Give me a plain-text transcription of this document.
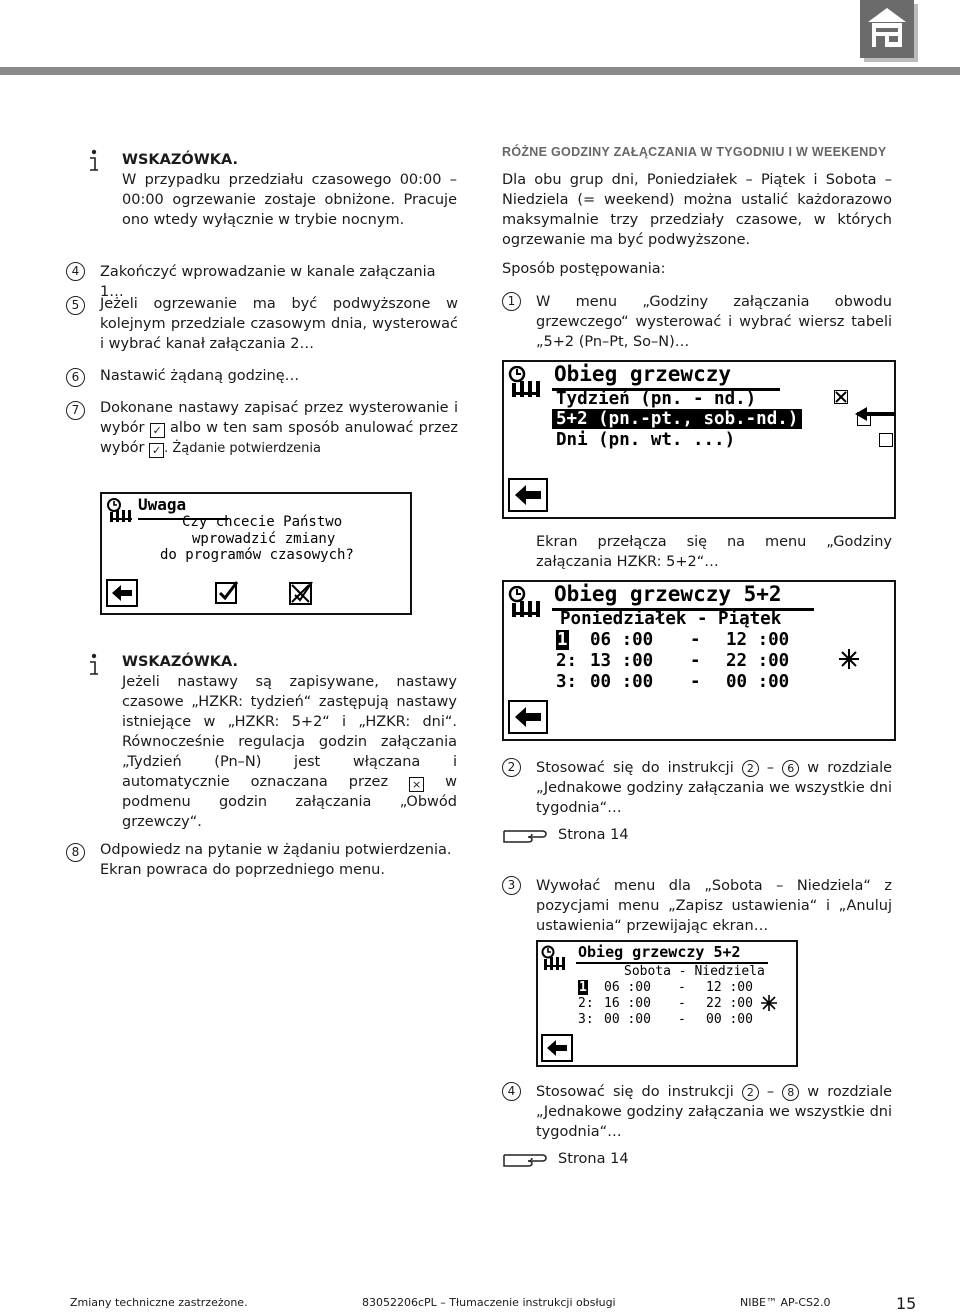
WSKAZÓWKA.

W przypadku przedziału czasowego 00:00 – 00:00 ogrzewanie zostaje obniżone. Pracuje ono wtedy wyłącznie w trybie nocnym.

4	Zakończyć wprowadzanie w kanale załączania 1…
5	Jeżeli ogrzewanie ma być podwyższone w kolejnym przedziale czasowym dnia, wysterować i wybrać kanał załączania 2…
6	Nastawić żądaną godzinę…
7	Dokonane nastawy zapisać przez wysterowanie i wybór ✓ albo w ten sam sposób anulować przez wybór ✓ . Żądanie potwierdzenia
Uwaga
Czy chcecie Państwo
wprowadzić zmiany
do programów czasowych?

WSKAZÓWKA.

Jeżeli nastawy są zapisywane, nastawy czasowe „HZKR: tydzień“ zastępują nastawy istniejące w „HZKR: 5+2“ i „HZKR: dni“. Równocześnie regulacja godzin załączania „Tydzień (Pn–N) jest włączana i automatycznie oznaczana przez × w podmenu godzin załączania „Obwód grzewczy“.

8	Odpowiedz na pytanie w żądaniu potwierdzenia. Ekran powraca do poprzedniego menu.
RÓŻNE GODZINY ZAŁĄCZANIA W TYGODNIU I W WEEKENDY
Dla obu grup dni, Poniedziałek – Piątek i Sobota – Niedziela (= weekend) można ustalić każdorazowo maksymalnie trzy przedziały czasowe, w których ogrzewanie ma być podwyższone.
Sposób postępowania:
1	W menu „Godziny załączania obwodu grzewczego“ wysterować i wybrać wiersz tabeli „5+2 (Pn–Pt, So–N)…
Obieg grzewczy
Tydzień (pn. - nd.)
5+2 (pn.-pt., sob.-nd.)
Dni (pn. wt. ...)

Ekran przełącza się na menu „Godziny załączania HZKR: 5+2“…
Obieg grzewczy 5+2
Poniedziałek - Piątek
1 06 :00 - 12 :00
2: 13 :00 - 22 :00
3: 00 :00 - 00 :00
2	Stosować się do instrukcji 2 – 6 w rozdziale „Jednakowe godziny załączania we wszystkie dni tygodnia“…
Strona 14
3	Wywołać menu dla „Sobota – Niedziela“ z pozycjami menu „Zapisz ustawienia“ i „Anuluj ustawienia“ przewijając ekran…
Obieg grzewczy 5+2
Sobota - Niedziela
1 06 :00 - 12 :00
2: 16 :00 - 22 :00
3: 00 :00 - 00 :00
4	Stosować się do instrukcji 2 – 8 w rozdziale „Jednakowe godziny załączania we wszystkie dni tygodnia“…
Strona 14
Zmiany techniczne zastrzeżone.	83052206cPL – Tłumaczenie instrukcji obsługi	NIBE™ AP-CS2.0	15
